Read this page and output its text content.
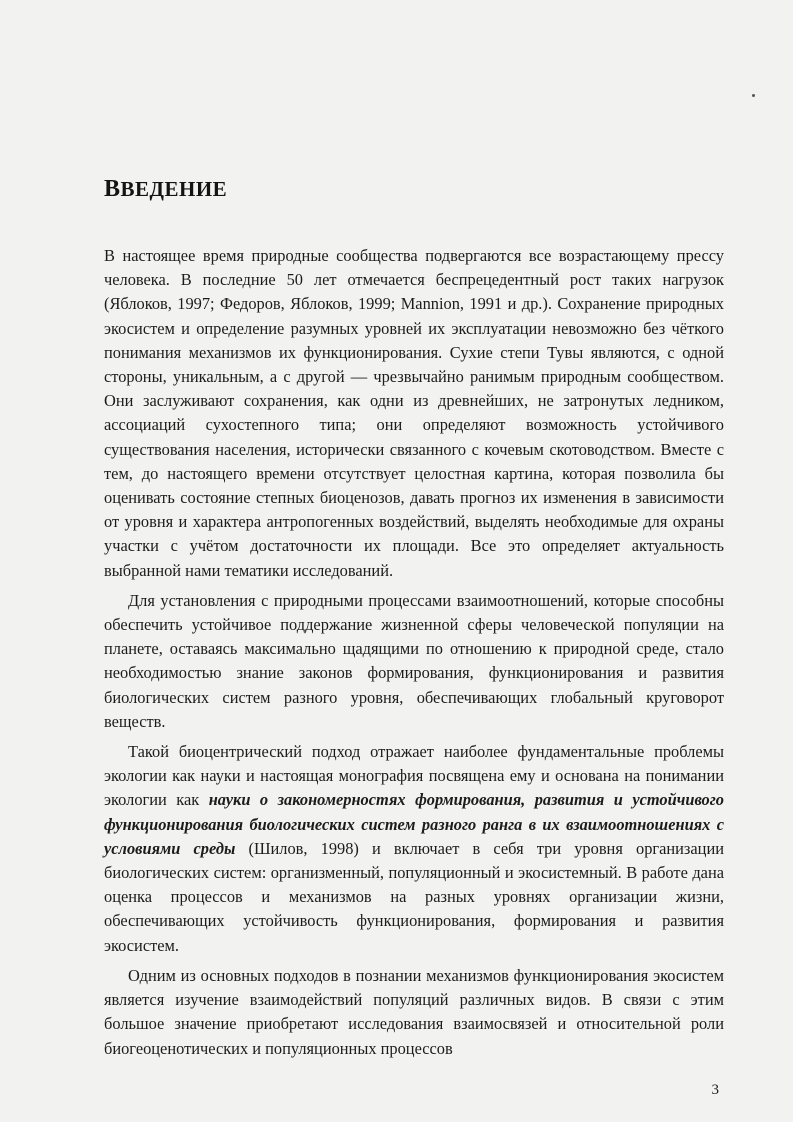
ВВЕДЕНИЕ

В настоящее время природные сообщества подвергаются все возрастающему прессу человека. В последние 50 лет отмечается беспрецедентный рост таких нагрузок (Яблоков, 1997; Федоров, Яблоков, 1999; Mannion, 1991 и др.). Сохранение природных экосистем и определение разумных уровней их эксплуатации невозможно без чёткого понимания механизмов их функционирования. Сухие степи Тувы являются, с одной стороны, уникальным, а с другой — чрезвычайно ранимым природным сообществом. Они заслуживают сохранения, как одни из древнейших, не затронутых ледником, ассоциаций сухостепного типа; они определяют возможность устойчивого существования населения, исторически связанного с кочевым скотоводством. Вместе с тем, до настоящего времени отсутствует целостная картина, которая позволила бы оценивать состояние степных биоценозов, давать прогноз их изменения в зависимости от уровня и характера антропогенных воздействий, выделять необходимые для охраны участки с учётом достаточности их площади. Все это определяет актуальность выбранной нами тематики исследований.

Для установления с природными процессами взаимоотношений, которые способны обеспечить устойчивое поддержание жизненной сферы человеческой популяции на планете, оставаясь максимально щадящими по отношению к природной среде, стало необходимостью знание законов формирования, функционирования и развития биологических систем разного уровня, обеспечивающих глобальный круговорот веществ.

Такой биоцентрический подход отражает наиболее фундаментальные проблемы экологии как науки и настоящая монография посвящена ему и основана на понимании экологии как науки о закономерностях формирования, развития и устойчивого функционирования биологических систем разного ранга в их взаимоотношениях с условиями среды (Шилов, 1998) и включает в себя три уровня организации биологических систем: организменный, популяционный и экосистемный. В работе дана оценка процессов и механизмов на разных уровнях организации жизни, обеспечивающих устойчивость функционирования, формирования и развития экосистем.

Одним из основных подходов в познании механизмов функционирования экосистем является изучение взаимодействий популяций различных видов. В связи с этим большое значение приобретают исследования взаимосвязей и относительной роли биогеоценотических и популяционных процессов

3
